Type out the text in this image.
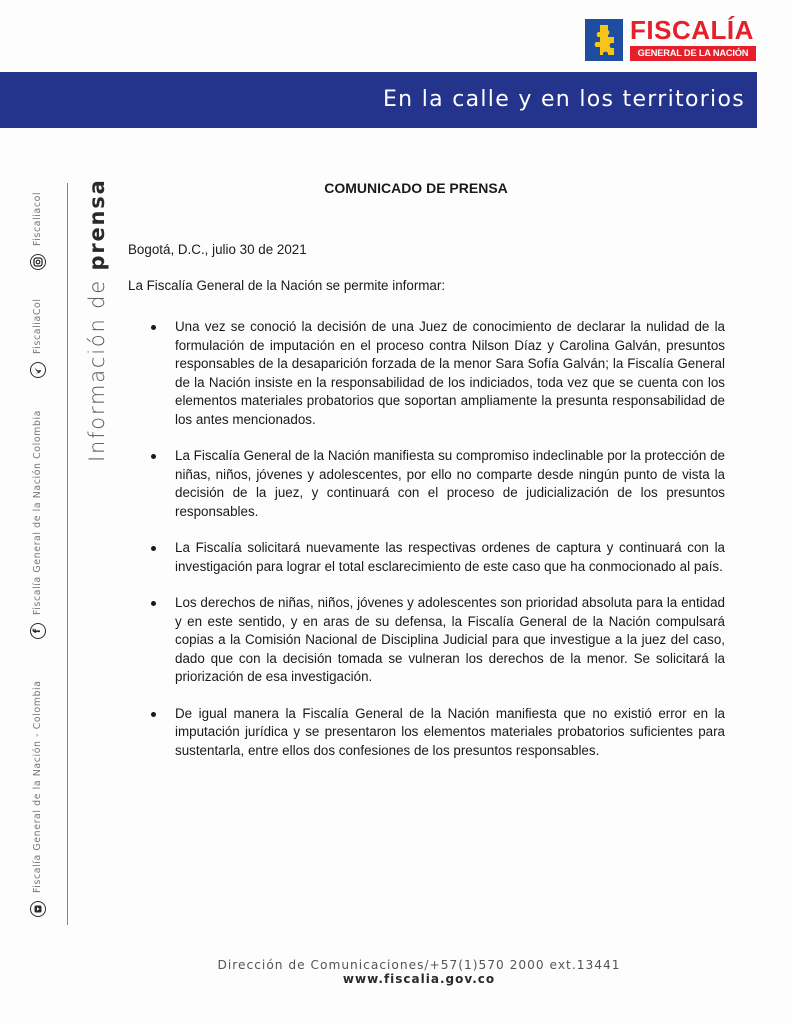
FISCALÍA
GENERAL DE LA NACIÓN
En la calle y en los territorios
Información de prensa
Fiscalía General de la Nación - Colombia
f
Fiscalía General de la Nación Colombia
FiscaliaCol
Fiscaliacol
COMUNICADO DE PRENSA
Bogotá, D.C., julio 30 de 2021
La Fiscalía General de la Nación se permite informar:
Una vez se conoció la decisión de una Juez de conocimiento de declarar la nulidad de la formulación de imputación en el proceso contra Nilson Díaz y Carolina Galván, presuntos responsables de la desaparición forzada de la menor Sara Sofía Galván; la Fiscalía General de la Nación insiste en la responsabilidad de los indiciados, toda vez que se cuenta con los elementos materiales probatorios que soportan ampliamente la presunta responsabilidad de los antes mencionados.
La Fiscalía General de la Nación manifiesta su compromiso indeclinable por la protección de niñas, niños, jóvenes y adolescentes, por ello no comparte desde ningún punto de vista la decisión de la juez, y continuará con el proceso de judicialización de los presuntos responsables.
La Fiscalía solicitará nuevamente las respectivas ordenes de captura y continuará con la investigación para lograr el total esclarecimiento de este caso que ha conmocionado al país.
Los derechos de niñas, niños, jóvenes y adolescentes son prioridad absoluta para la entidad y en este sentido, y en aras de su defensa, la Fiscalía General de la Nación compulsará copias a la Comisión Nacional de Disciplina Judicial para que investigue a la juez del caso, dado que con la decisión tomada se vulneran los derechos de la menor. Se solicitará la priorización de esa investigación.
De igual manera la Fiscalía General de la Nación manifiesta que no existió error en la imputación jurídica y se presentaron los elementos materiales probatorios suficientes para sustentarla, entre ellos dos confesiones de los presuntos responsables.
Dirección de Comunicaciones/+57(1)570 2000 ext.13441
www.fiscalia.gov.co
